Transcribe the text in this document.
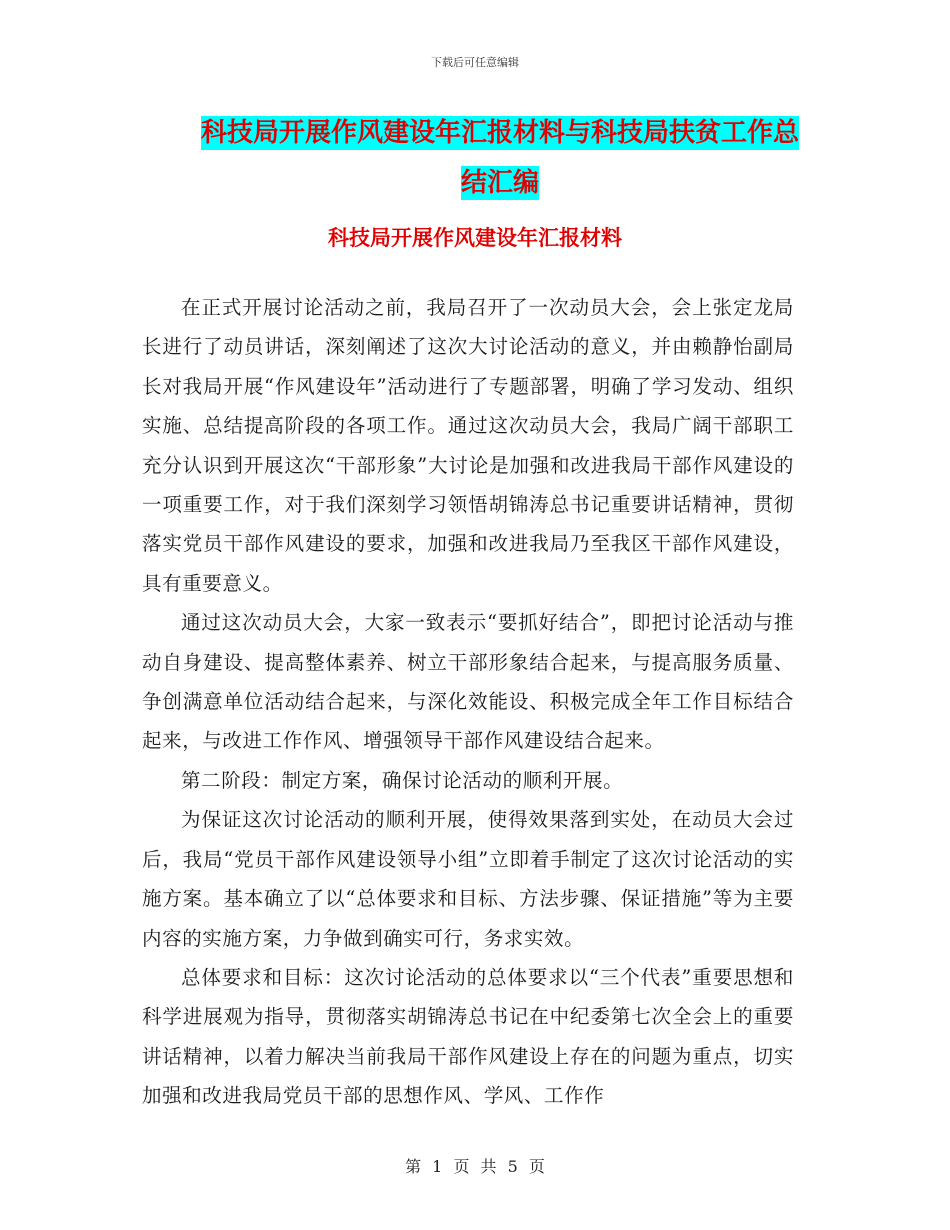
下载后可任意编辑
科技局开展作风建设年汇报材料与科技局扶贫工作总结汇编
科技局开展作风建设年汇报材料

在正式开展讨论活动之前，我局召开了一次动员大会，会上张定龙局长进行了动员讲话，深刻阐述了这次大讨论活动的意义，并由赖静怡副局长对我局开展“作风建设年”活动进行了专题部署，明确了学习发动、组织实施、总结提高阶段的各项工作。通过这次动员大会，我局广阔干部职工充分认识到开展这次“干部形象”大讨论是加强和改进我局干部作风建设的一项重要工作，对于我们深刻学习领悟胡锦涛总书记重要讲话精神，贯彻落实党员干部作风建设的要求，加强和改进我局乃至我区干部作风建设，具有重要意义。

通过这次动员大会，大家一致表示“要抓好结合”，即把讨论活动与推动自身建设、提高整体素养、树立干部形象结合起来，与提高服务质量、争创满意单位活动结合起来，与深化效能设、积极完成全年工作目标结合起来，与改进工作作风、增强领导干部作风建设结合起来。

第二阶段：制定方案，确保讨论活动的顺利开展。

为保证这次讨论活动的顺利开展，使得效果落到实处，在动员大会过后，我局“党员干部作风建设领导小组”立即着手制定了这次讨论活动的实施方案。基本确立了以“总体要求和目标、方法步骤、保证措施”等为主要内容的实施方案，力争做到确实可行，务求实效。

总体要求和目标：这次讨论活动的总体要求以“三个代表”重要思想和科学进展观为指导，贯彻落实胡锦涛总书记在中纪委第七次全会上的重要讲话精神，以着力解决当前我局干部作风建设上存在的问题为重点，切实加强和改进我局党员干部的思想作风、学风、工作作

第 1 页 共 5 页
